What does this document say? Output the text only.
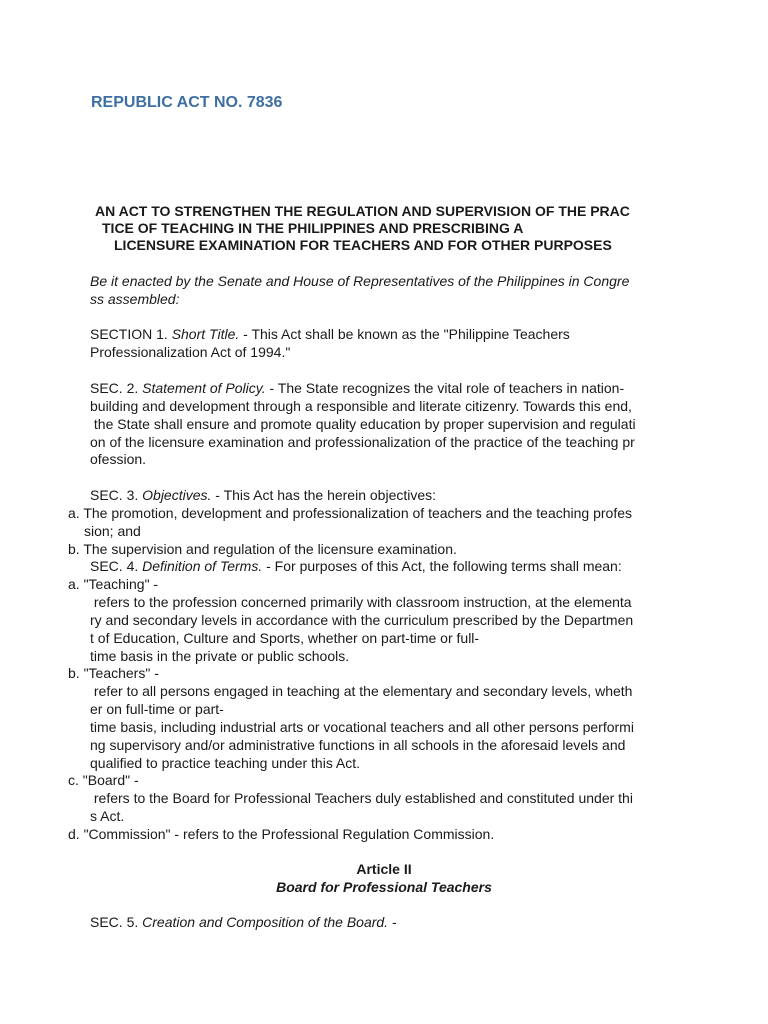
REPUBLIC ACT NO. 7836
AN ACT TO STRENGTHEN THE REGULATION AND SUPERVISION OF THE PRAC
TICE OF TEACHING IN THE PHILIPPINES AND PRESCRIBING A
LICENSURE EXAMINATION FOR TEACHERS AND FOR OTHER PURPOSES
Be it enacted by the Senate and House of Representatives of the Philippines in Congre
ss assembled:
SECTION 1. Short Title. - This Act shall be known as the "Philippine Teachers
Professionalization Act of 1994."
SEC. 2. Statement of Policy. - The State recognizes the vital role of teachers in nation-
building and development through a responsible and literate citizenry. Towards this end,
the State shall ensure and promote quality education by proper supervision and regulati
on of the licensure examination and professionalization of the practice of the teaching pr
ofession.
SEC. 3. Objectives. - This Act has the herein objectives:
a. The promotion, development and professionalization of teachers and the teaching profes
sion; and
b. The supervision and regulation of the licensure examination.
SEC. 4. Definition of Terms. - For purposes of this Act, the following terms shall mean:
a. "Teaching" -
refers to the profession concerned primarily with classroom instruction, at the elementa
ry and secondary levels in accordance with the curriculum prescribed by the Departmen
t of Education, Culture and Sports, whether on part-time or full-
time basis in the private or public schools.
b. "Teachers" -
refer to all persons engaged in teaching at the elementary and secondary levels, wheth
er on full-time or part-
time basis, including industrial arts or vocational teachers and all other persons performi
ng supervisory and/or administrative functions in all schools in the aforesaid levels and
qualified to practice teaching under this Act.
c. "Board" -
refers to the Board for Professional Teachers duly established and constituted under thi
s Act.
d. "Commission" - refers to the Professional Regulation Commission.
Article II
Board for Professional Teachers
SEC. 5. Creation and Composition of the Board. -
